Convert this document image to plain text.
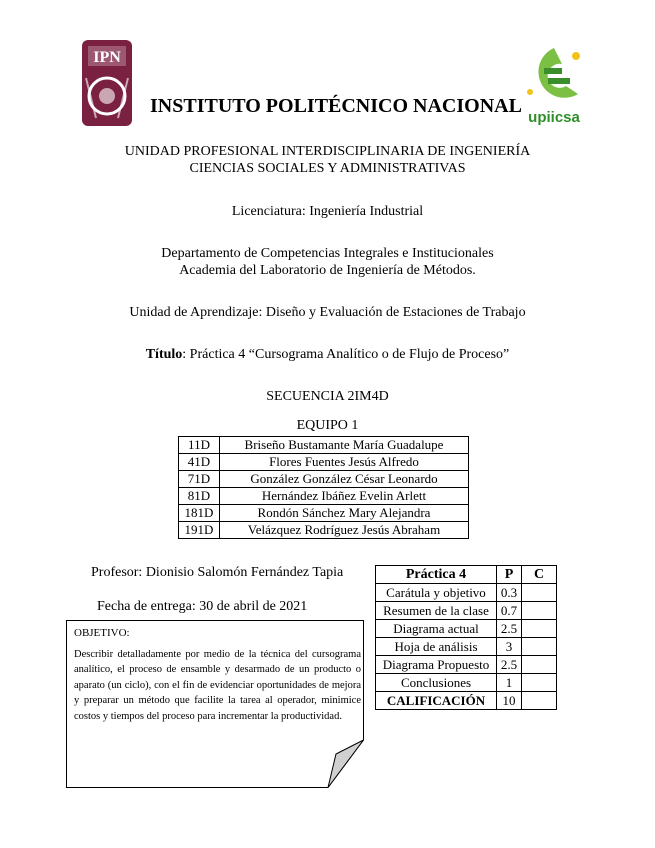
IPN
upiicsa
INSTITUTO POLITÉCNICO NACIONAL
UNIDAD PROFESIONAL INTERDISCIPLINARIA DE INGENIERÍA
CIENCIAS SOCIALES Y ADMINISTRATIVAS
Licenciatura: Ingeniería Industrial
Departamento de Competencias Integrales e Institucionales
Academia del Laboratorio de Ingeniería de Métodos.
Unidad de Aprendizaje: Diseño y Evaluación de Estaciones de Trabajo
Título: Práctica 4 “Cursograma Analítico o de Flujo de Proceso”
SECUENCIA 2IM4D
EQUIPO 1
11D	Briseño Bustamante María Guadalupe
41D	Flores Fuentes Jesús Alfredo
71D	González González César Leonardo
81D	Hernández Ibáñez Evelin Arlett
181D	Rondón Sánchez Mary Alejandra
191D	Velázquez Rodríguez Jesús Abraham
Profesor: Dionisio Salomón Fernández Tapia
Fecha de entrega: 30 de abril de 2021
OBJETIVO:
Describir detalladamente por medio de la técnica del cursograma analítico, el proceso de ensamble y desarmado de un producto o aparato (un ciclo), con el fin de evidenciar oportunidades de mejora y preparar un método que facilite la tarea al operador, minimice costos y tiempos del proceso para incrementar la productividad.
Práctica 4	P	C
Carátula y objetivo	0.3	
Resumen de la clase	0.7	
Diagrama actual	2.5	
Hoja de análisis	3	
Diagrama Propuesto	2.5	
Conclusiones	1	
CALIFICACIÓN	10	
